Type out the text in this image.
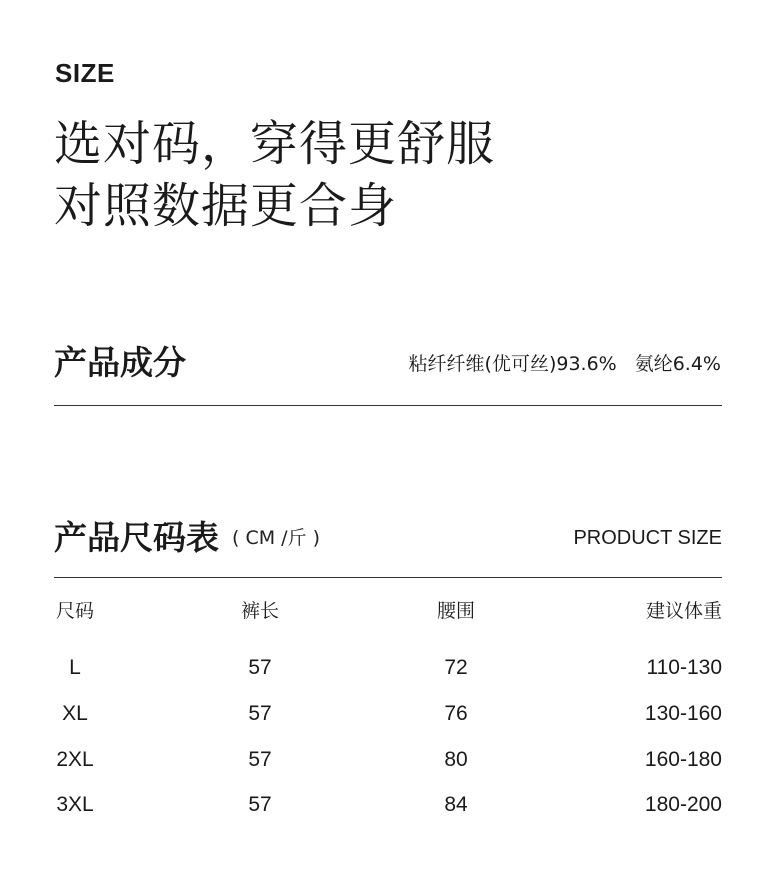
SIZE
选对码，穿得更舒服
对照数据更合身
产品成分	粘纤纤维(优可丝)93.6% 氨纶6.4%
产品尺码表 ( CM /斤 )	PRODUCT SIZE
尺码	裤长	腰围	建议体重
L	57	72	110-130
XL	57	76	130-160
2XL	57	80	160-180
3XL	57	84	180-200
